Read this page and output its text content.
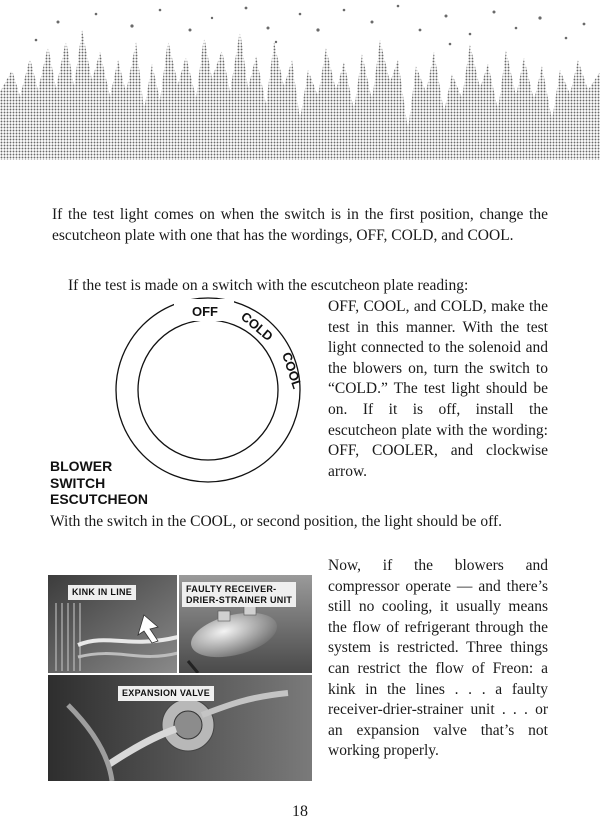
If the test light comes on when the switch is in the first position, change the escutcheon plate with one that has the wordings, OFF, COLD, and COOL.

If the test is made on a switch with the escutcheon plate reading:

OFF COLD
COOL
BLOWER
SWITCH
ESCUTCHEON

OFF, COOL, and COLD, make the test in this manner. With the test light connected to the solenoid and the blowers on, turn the switch to “COLD.” The test light should be on. If it is off, install the escutcheon plate with the wording: OFF, COOLER, and clockwise arrow.

With the switch in the COOL, or second position, the light should be off.

KINK IN LINE	FAULTY RECEIVER-
DRIER-STRAINER UNIT
EXPANSION VALVE

Now, if the blowers and compressor operate — and there’s still no cooling, it usually means the flow of refrigerant through the system is restricted. Three things can restrict the flow of Freon: a kink in the lines . . . a faulty receiver-drier-strainer unit . . . or an expansion valve that’s not working properly.

18
